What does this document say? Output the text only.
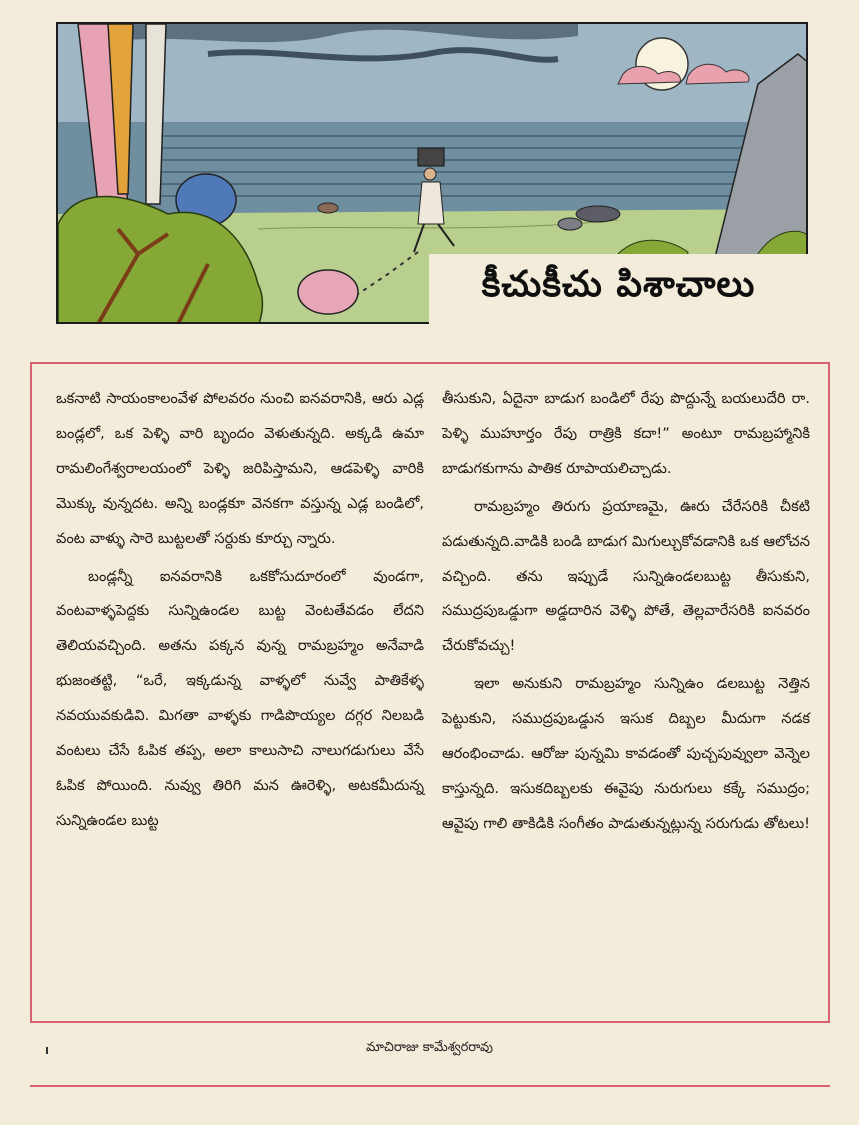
కీచుకీచు పిశాచాలు

ఒకనాటి సాయంకాలంవేళ పోలవరం నుంచి ఐనవరానికి, ఆరు ఎడ్ల బండ్లలో, ఒక పెళ్ళి వారి బృందం వెళుతున్నది. అక్కడి ఉమా రామలింగేశ్వరాలయంలో పెళ్ళి జరిపిస్తామని, ఆడపెళ్ళి వారికి మొక్కు వున్నదట. అన్ని బండ్లకూ వెనకగా వస్తున్న ఎడ్ల బండిలో, వంట వాళ్ళు సారె బుట్టలతో సర్దుకు కూర్చు న్నారు.

బండ్లన్నీ ఐనవరానికి ఒకకోసుదూరంలో వుండగా, వంటవాళ్ళపెద్దకు సున్నిఉండల బుట్ట వెంటతేవడం లేదని తెలియవచ్చింది. అతను పక్కన వున్న రామబ్రహ్మం అనేవాడి భుజంతట్టి, “ఒరే, ఇక్కడున్న వాళ్ళలో నువ్వే పాతికేళ్ళ నవయువకుడివి. మిగతా వాళ్ళకు గాడిపొయ్యల దగ్గర నిలబడి వంటలు చేసే ఓపిక తప్ప, అలా కాలుసాచి నాలుగడుగులు వేసే ఓపిక పోయింది. నువ్వు తిరిగి మన ఊరెళ్ళి, అటకమీదున్న సున్నిఉండల బుట్ట

తీసుకుని, ఏదైనా బాడుగ బండిలో రేపు పొద్దున్నే బయలుదేరి రా. పెళ్ళి ముహూర్తం రేపు రాత్రికి కదా!” అంటూ రామబ్రహ్మానికి బాడుగకుగాను పాతిక రూపాయలిచ్చాడు.

రామబ్రహ్మం తిరుగు ప్రయాణమై, ఊరు చేరేసరికి చీకటి పడుతున్నది.వాడికి బండి బాడుగ మిగుల్చుకోవడానికి ఒక ఆలోచన వచ్చింది. తను ఇప్పుడే సున్నిఉండలబుట్ట తీసుకుని, సముద్రపుఒడ్డుగా అడ్డదారిన వెళ్ళి పోతే, తెల్లవారేసరికి ఐనవరం చేరుకోవచ్చు!

ఇలా అనుకుని రామబ్రహ్మం సున్నిఉం డలబుట్ట నెత్తిన పెట్టుకుని, సముద్రపుఒడ్డున ఇసుక దిబ్బల మీదుగా నడక ఆరంభించాడు. ఆరోజు పున్నమి కావడంతో పుచ్చపువ్వులా వెన్నెల కాస్తున్నది. ఇసుకదిబ్బలకు ఈవైపు నురుగులు కక్కే సముద్రం; ఆవైపు గాలి తాకిడికి సంగీతం పాడుతున్నట్లున్న సరుగుడు తోటలు!

మాచిరాజు కామేశ్వరరావు
